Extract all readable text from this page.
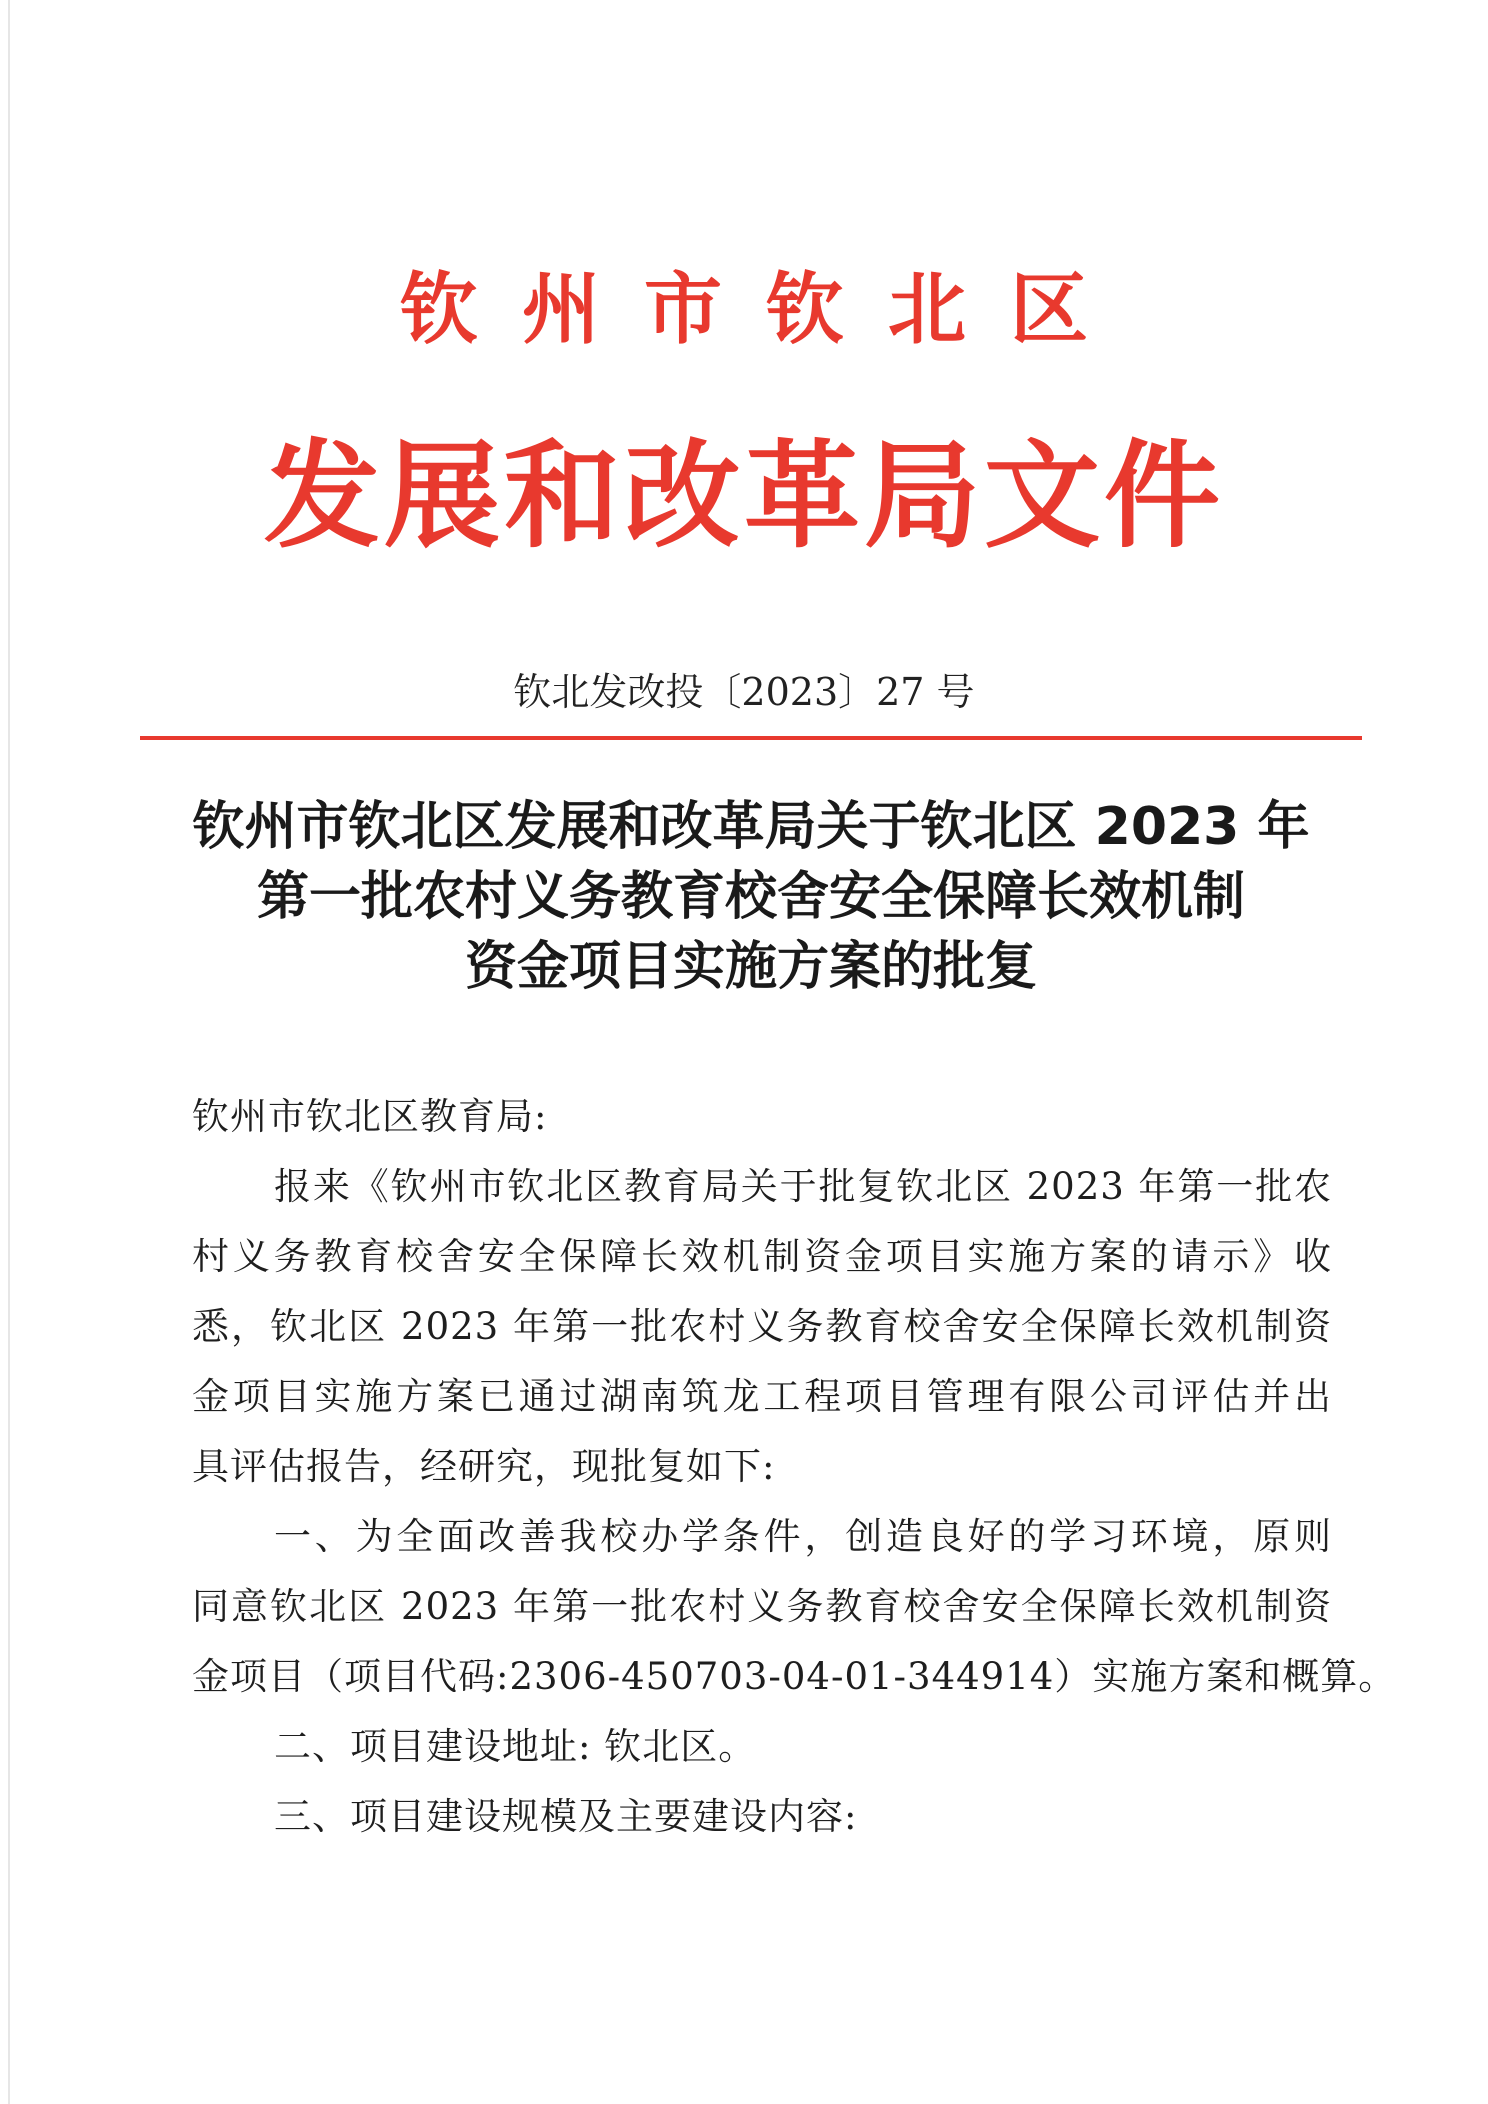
钦州市钦北区
发展和改革局文件
钦北发改投〔2023〕27 号
钦州市钦北区发展和改革局关于钦北区 2023 年
第一批农村义务教育校舍安全保障长效机制
资金项目实施方案的批复
钦州市钦北区教育局:
报来《钦州市钦北区教育局关于批复钦北区 2023 年第一批农
村义务教育校舍安全保障长效机制资金项目实施方案的请示》收
悉，钦北区 2023 年第一批农村义务教育校舍安全保障长效机制资
金项目实施方案已通过湖南筑龙工程项目管理有限公司评估并出
具评估报告，经研究，现批复如下:
一、为全面改善我校办学条件，创造良好的学习环境，原则
同意钦北区 2023 年第一批农村义务教育校舍安全保障长效机制资
金项目（项目代码:2306-450703-04-01-344914）实施方案和概算。
二、项目建设地址: 钦北区。
三、项目建设规模及主要建设内容:
